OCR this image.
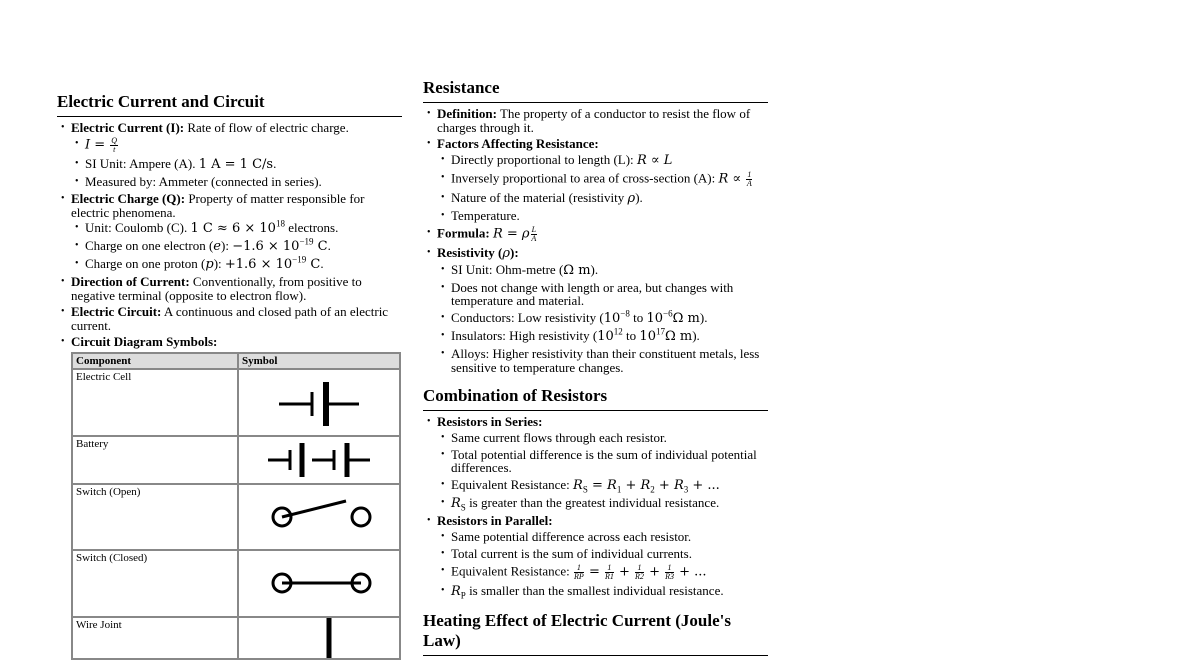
Electric Current and Circuit
• Electric Current (I): Rate of flow of electric charge.
• $I = \frac{Q}{t}$
• SI Unit: Ampere (A). 1 A = 1 C/s.
• Measured by: Ammeter (connected in series).
• Electric Charge (Q): Property of matter responsible for electric phenomena.
• Unit: Coulomb (C). 1 $C \approx 6 \times 10^{18}$ electrons.
• Charge on one electron (e): $-1.6 \times 10^{-19}$ C.
• Charge on one proton (p): $+1.6 \times 10^{-19}$ C.
• Direction of Current: Conventionally, from positive to negative terminal (opposite to electron flow).
• Electric Circuit: A continuous and closed path of an electric current.
• Circuit Diagram Symbols:
Component	Symbol
Electric Cell	

Battery	

Switch (Open)	

Switch (Closed)	

Wire Joint	
Resistance
• Definition: The property of a conductor to resist the flow of charges through it.
• Factors Affecting Resistance:
• Directly proportional to length (L): R ∝ L
• Inversely proportional to area of cross-section (A): $R \propto \frac{1}{A}$
• Nature of the material (resistivity ρ).
• Temperature.
• Formula: R = ρ $\frac{L}{A}$
• Resistivity (ρ):
• SI Unit: Ohm-metre (Ω m).
• Does not change with length or area, but changes with temperature and material.
• Conductors: Low resistivity ($10^{-8}$ to $10^{-6}\Omega$ m).
• Insulators: High resistivity ($10^{12}$ to $10^{17}\Omega$ m).
• Alloys: Higher resistivity than their constituent metals, less sensitive to temperature changes.
Combination of Resistors
• Resistors in Series:
• Same current flows through each resistor.
• Total potential difference is the sum of individual potential differences.
• Equivalent Resistance: $R_S = R_1 + R_2 + R_3$ + ...
• $R_S$ is greater than the greatest individual resistance.
• Resistors in Parallel:
• Same potential difference across each resistor.
• Total current is the sum of individual currents.
• Equivalent Resistance: $\frac{1}{RP} = \frac{1}{R1} + \frac{1}{R2} + \frac{1}{R3}$ + ...
• $R_P$ is smaller than the smallest individual resistance.
Heating Effect of Electric Current (Joule's Law)
